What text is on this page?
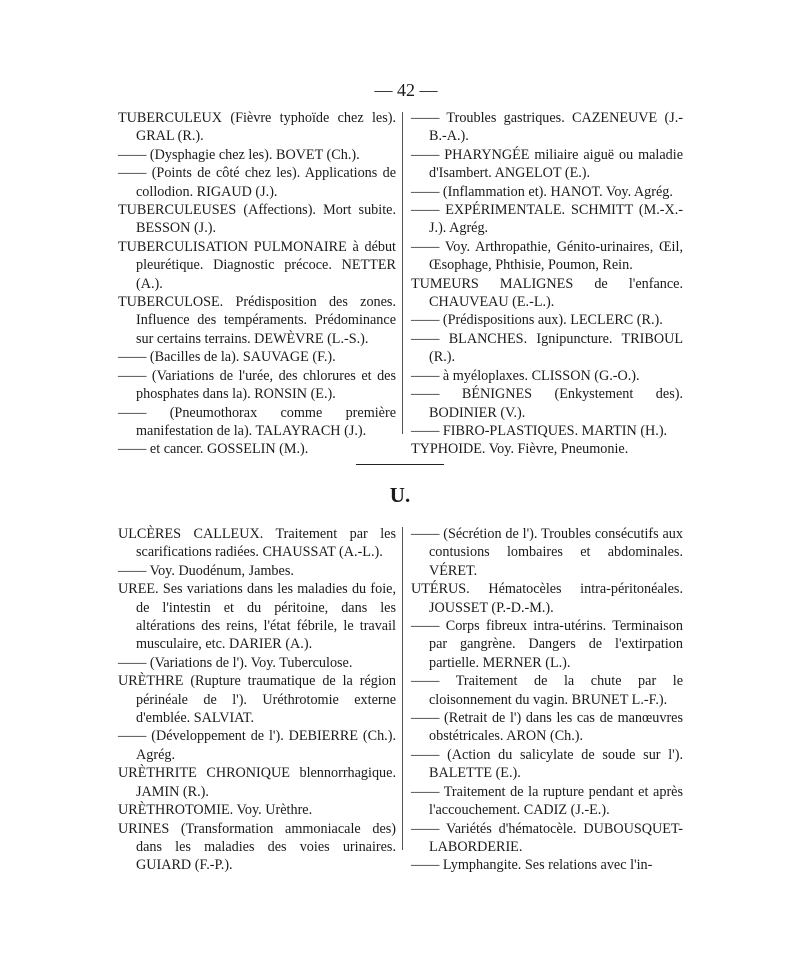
— 42 —

TUBERCULEUX (Fièvre typhoïde chez les). GRAL (R.).

—— (Dysphagie chez les). BOVET (Ch.).

—— (Points de côté chez les). Applications de collodion. RIGAUD (J.).

TUBERCULEUSES (Affections). Mort subite. BESSON (J.).

TUBERCULISATION PULMONAIRE à début pleurétique. Diagnostic précoce. NETTER (A.).

TUBERCULOSE. Prédisposition des zones. Influence des tempéraments. Prédominance sur certains terrains. DEWÈVRE (L.-S.).

—— (Bacilles de la). SAUVAGE (F.).

—— (Variations de l'urée, des chlorures et des phosphates dans la). RONSIN (E.).

—— (Pneumothorax comme première manifestation de la). TALAYRACH (J.).

—— et cancer. GOSSELIN (M.).

—— Troubles gastriques. CAZENEUVE (J.-B.-A.).

—— PHARYNGÉE miliaire aiguë ou maladie d'Isambert. ANGELOT (E.).

—— (Inflammation et). HANOT. Voy. Agrég.

—— EXPÉRIMENTALE. SCHMITT (M.-X.-J.). Agrég.

—— Voy. Arthropathie, Génito-urinaires, Œil, Œsophage, Phthisie, Poumon, Rein.

TUMEURS MALIGNES de l'enfance. CHAUVEAU (E.-L.).

—— (Prédispositions aux). LECLERC (R.).

—— BLANCHES. Ignipuncture. TRIBOUL (R.).

—— à myéloplaxes. CLISSON (G.-O.).

—— BÉNIGNES (Enkystement des). BODINIER (V.).

—— FIBRO-PLASTIQUES. MARTIN (H.).

TYPHOIDE. Voy. Fièvre, Pneumonie.

U.

ULCÈRES CALLEUX. Traitement par les scarifications radiées. CHAUSSAT (A.-L.).

—— Voy. Duodénum, Jambes.

UREE. Ses variations dans les maladies du foie, de l'intestin et du péritoine, dans les altérations des reins, l'état fébrile, le travail musculaire, etc. DARIER (A.).

—— (Variations de l'). Voy. Tuberculose.

URÈTHRE (Rupture traumatique de la région périnéale de l'). Uréthrotomie externe d'emblée. SALVIAT.

—— (Développement de l'). DEBIERRE (Ch.). Agrég.

URÈTHRITE CHRONIQUE blennorrhagique. JAMIN (R.).

URÈTHROTOMIE. Voy. Urèthre.

URINES (Transformation ammoniacale des) dans les maladies des voies urinaires. GUIARD (F.-P.).

—— (Sécrétion de l'). Troubles consécutifs aux contusions lombaires et abdominales. VÉRET.

UTÉRUS. Hématocèles intra-péritonéales. JOUSSET (P.-D.-M.).

—— Corps fibreux intra-utérins. Terminaison par gangrène. Dangers de l'extirpation partielle. MERNER (L.).

—— Traitement de la chute par le cloisonnement du vagin. BRUNET L.-F.).

—— (Retrait de l') dans les cas de manœuvres obstétricales. ARON (Ch.).

—— (Action du salicylate de soude sur l'). BALETTE (E.).

—— Traitement de la rupture pendant et après l'accouchement. CADIZ (J.-E.).

—— Variétés d'hématocèle. DUBOUSQUET-LABORDERIE.

—— Lymphangite. Ses relations avec l'in-
